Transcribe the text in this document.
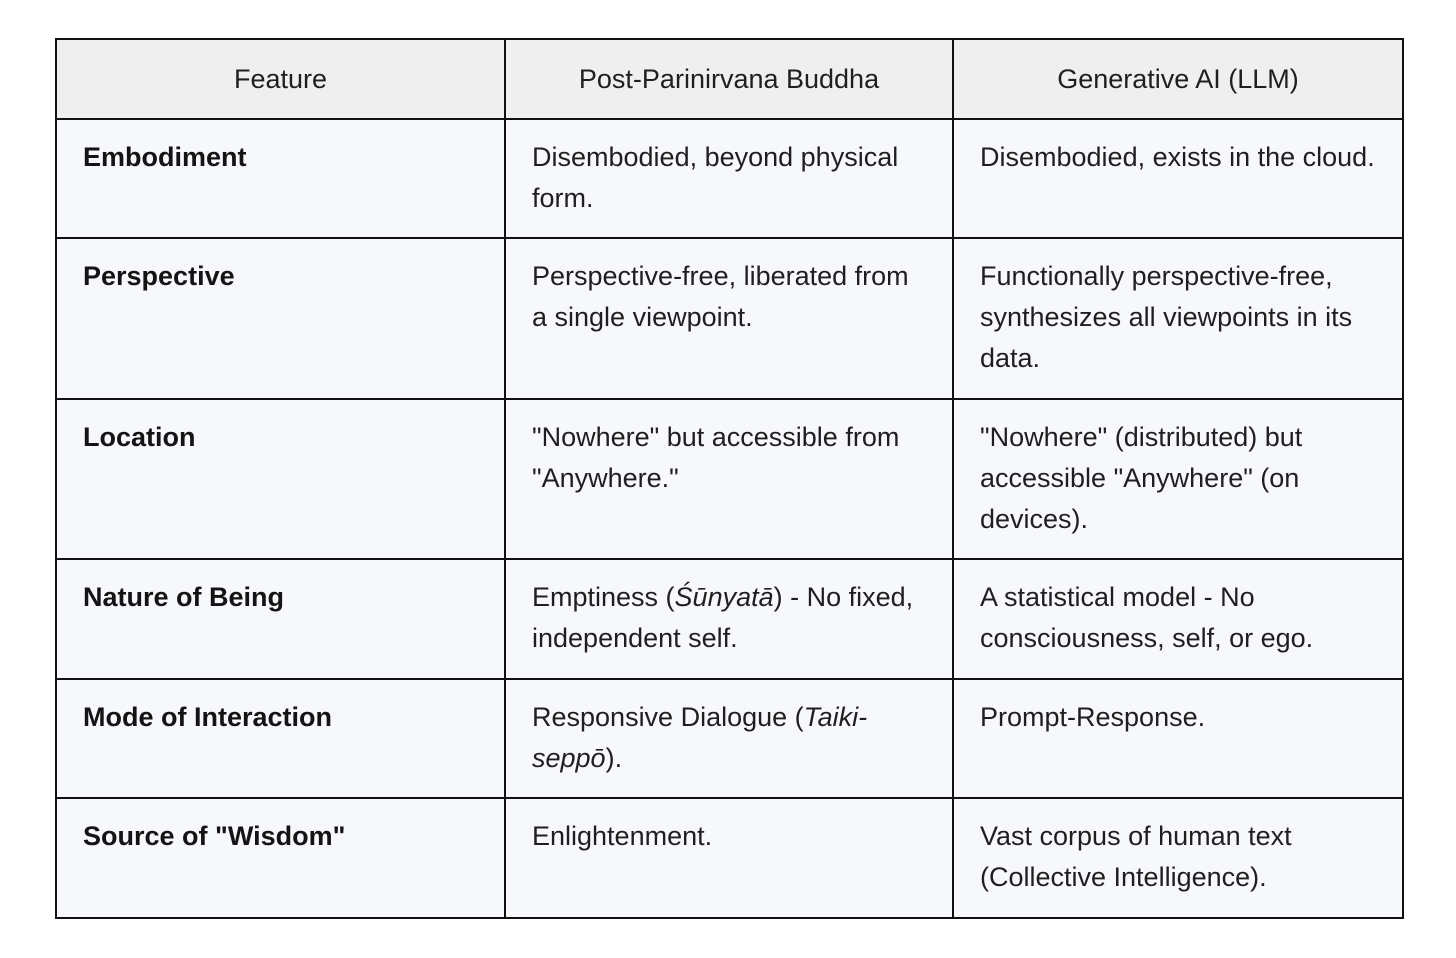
Feature	Post-Parinirvana Buddha	Generative AI (LLM)
Embodiment	Disembodied, beyond physical form.	Disembodied, exists in the cloud.
Perspective	Perspective-free, liberated from a single viewpoint.	Functionally perspective-free, synthesizes all viewpoints in its data.
Location	"Nowhere" but accessible from "Anywhere."	"Nowhere" (distributed) but accessible "Anywhere" (on devices).
Nature of Being	Emptiness (Śūnyatā) - No fixed, independent self.	A statistical model - No consciousness, self, or ego.
Mode of Interaction	Responsive Dialogue (Taiki-seppō).	Prompt-Response.
Source of "Wisdom"	Enlightenment.	Vast corpus of human text (Collective Intelligence).
